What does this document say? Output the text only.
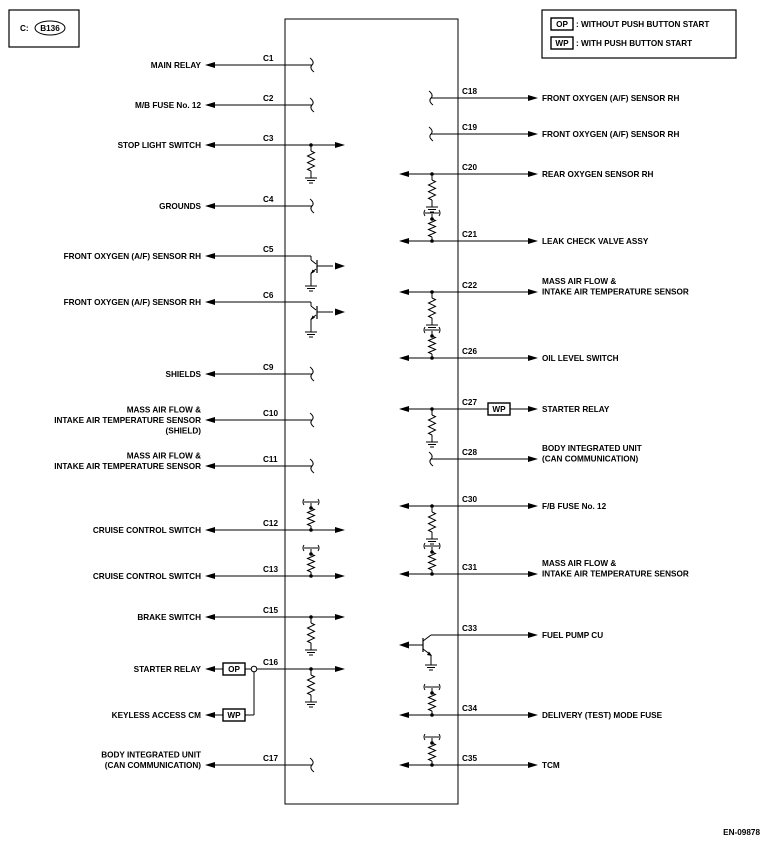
C: B136	OP : WITHOUT PUSH BUTTON START
WP : WITH PUSH BUTTON START
EN-09878
MAIN RELAY
C1
M/B FUSE No. 12
C2
STOP LIGHT SWITCH
C3
GROUNDS
C4
FRONT OXYGEN (A/F) SENSOR RH
C5
FRONT OXYGEN (A/F) SENSOR RH
C6
SHIELDS
C9
MASS AIR FLOW &
INTAKE AIR TEMPERATURE SENSOR
(SHIELD)
C10
MASS AIR FLOW &
INTAKE AIR TEMPERATURE SENSOR
C11
CRUISE CONTROL SWITCH
C12
CRUISE CONTROL SWITCH
C13
BRAKE SWITCH
C15
STARTER RELAY
C16
OP
KEYLESS ACCESS CM	WP
BODY INTEGRATED UNIT
(CAN COMMUNICATION)
C17
FRONT OXYGEN (A/F) SENSOR RH
C18
FRONT OXYGEN (A/F) SENSOR RH
C19
REAR OXYGEN SENSOR RH
C20
LEAK CHECK VALVE ASSY
C21
MASS AIR FLOW &
INTAKE AIR TEMPERATURE SENSOR
C22
OIL LEVEL SWITCH
C26
STARTER RELAY
C27
WP
BODY INTEGRATED UNIT
(CAN COMMUNICATION)
C28
F/B FUSE No. 12
C30
MASS AIR FLOW &
INTAKE AIR TEMPERATURE SENSOR
C31
FUEL PUMP CU
C33
DELIVERY (TEST) MODE FUSE
C34
TCM
C35
